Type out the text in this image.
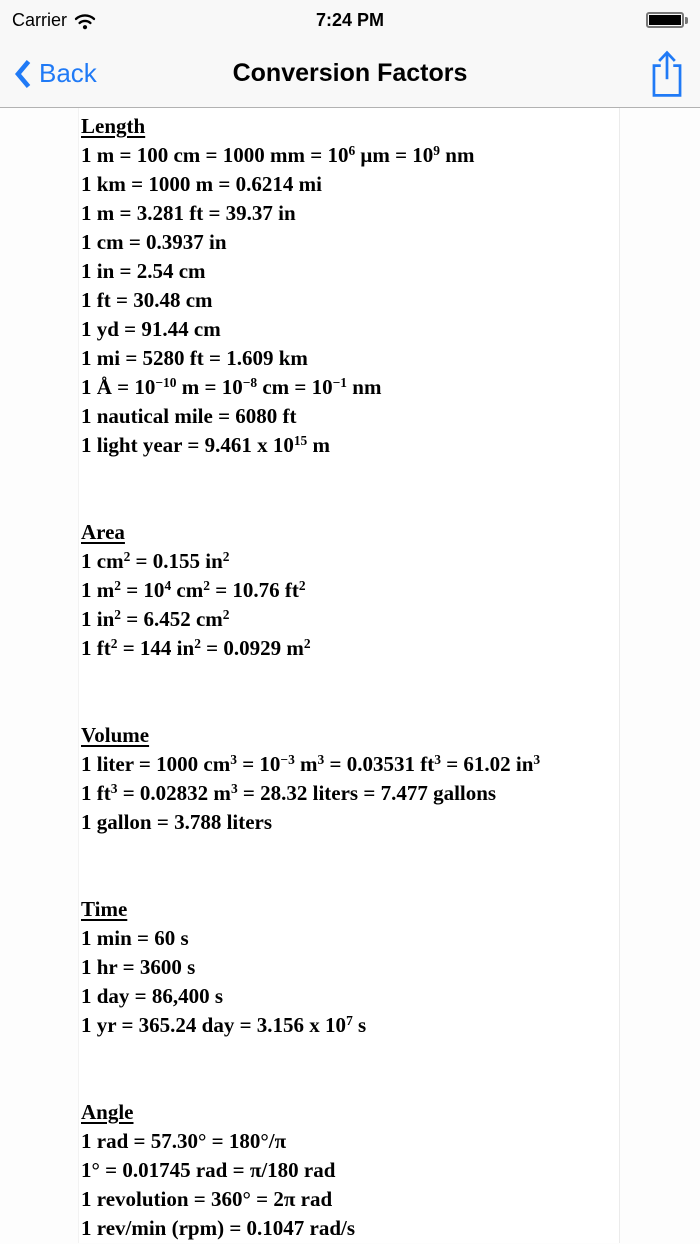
Carrier	7:24 PM
Back	Conversion Factors
Length
1 m = 100 cm = 1000 mm = $10^6$ $\mu m = 10^9$ nm
1 km = 1000 m = 0.6214 mi
1 m = 3.281 ft = 39.37 in
1 cm = 0.3937 in
1 in = 2.54 cm
1 ft = 30.48 cm
1 yd = 91.44 cm
1 mi = 5280 ft = 1.609 km
1 Å = $10^{-10}$ $m = 10^{-8}$ cm = $10^{-1}$ nm
1 nautical mile = 6080 ft
1 light year = 9.461 x $10^{15}$ m
Area
1 $cm^2 = 0.155$ $in^2$
1 $m^2 = 10^4$ $cm^2 = 10.76$ $ft^2$
1 $in^2 = 6.452$ $cm^2$
1 $ft^2 = 144$ $in^2 = 0.0929$ $m^2$
Volume
1 liter = 1000 $cm^3 = 10^{-3}$ $m^3 = 0.03531$ $ft^3 = 61.02$ $in^3$
1 $ft^3 = 0.02832$ $m^3 = 28.32$ liters = 7.477 gallons
1 gallon = 3.788 liters
Time
1 min = 60 s
1 hr = 3600 s
1 day = 86,400 s
1 yr = 365.24 day = 3.156 x $10^7$ s
Angle
1 rad = 57.30° = 180°/π
1° = 0.01745 rad = π/180 rad
1 revolution = 360° = 2π rad
1 rev/min (rpm) = 0.1047 rad/s
